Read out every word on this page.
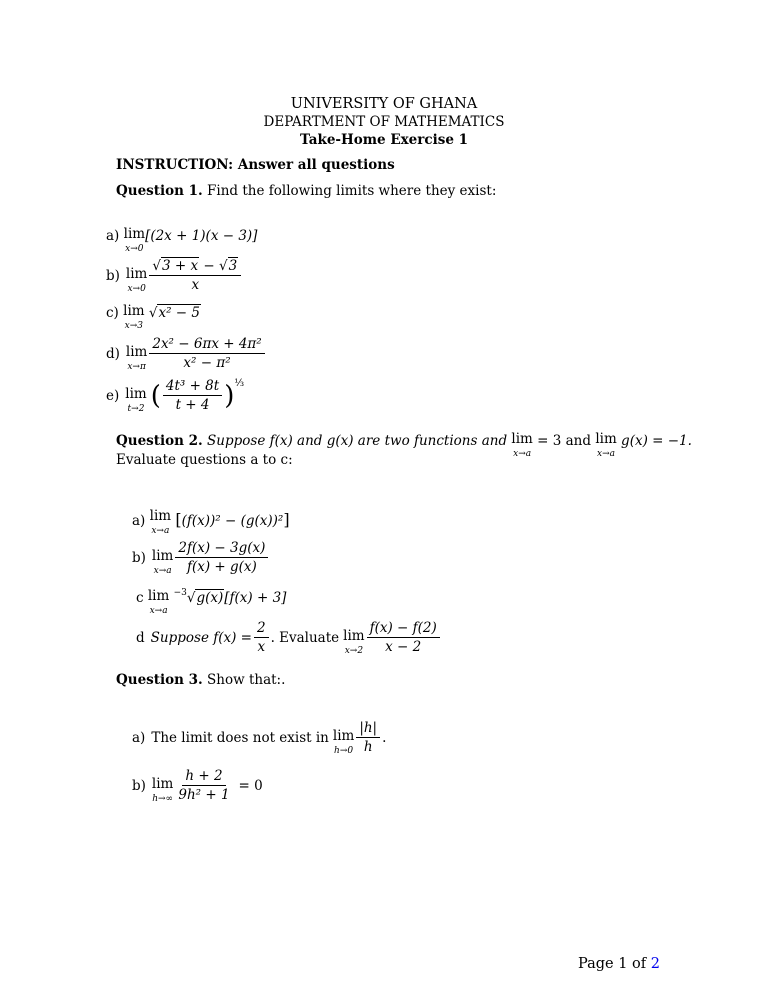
UNIVERSITY OF GHANA
DEPARTMENT OF MATHEMATICS
Take-Home Exercise 1
INSTRUCTION: Answer all questions
Question 1. Find the following limits where they exist:
a) lim
x→0
[(2x + 1)(x − 3)]
b) lim
$x\to 0 \frac{√3 + x - √3}{x}$
c) lim
x→3
√x² − 5
d) lim
$x\to\pi \frac{\text{2x² − 6πx + 4π²}}{\text{x² − π²}}$
e) lim
t→2 ( $\frac{\text{4t³ + 8t}}{t + 4}$ ) ⅓
Question 2. Suppose f(x) and g(x) are two functions and lim
x→a
= 3 and lim
x→a
g(x) = −1.
Evaluate questions a to c:
a) lim
x→a
[(f(x))² − (g(x))²]
b) lim
$x\to a \frac{2f(x) - 3g(x)}{f(x) + g(x)}$
c lim
x→a
$^{-3}$√g(x)[f(x) + 3]
d Suppose $f(x) = \frac{2}{x}$ . Evaluate lim
$x\to 2 \frac{f(x) - f(2)}{x - 2}$
Question 3. Show that:.
a) The limit does not exist in lim
$h\to 0 \frac{|h|}{h}$ .
b) lim
$h\to\infty \frac{h + 2}{\text{9h² + 1}} = 0$
Page 1 of 2
